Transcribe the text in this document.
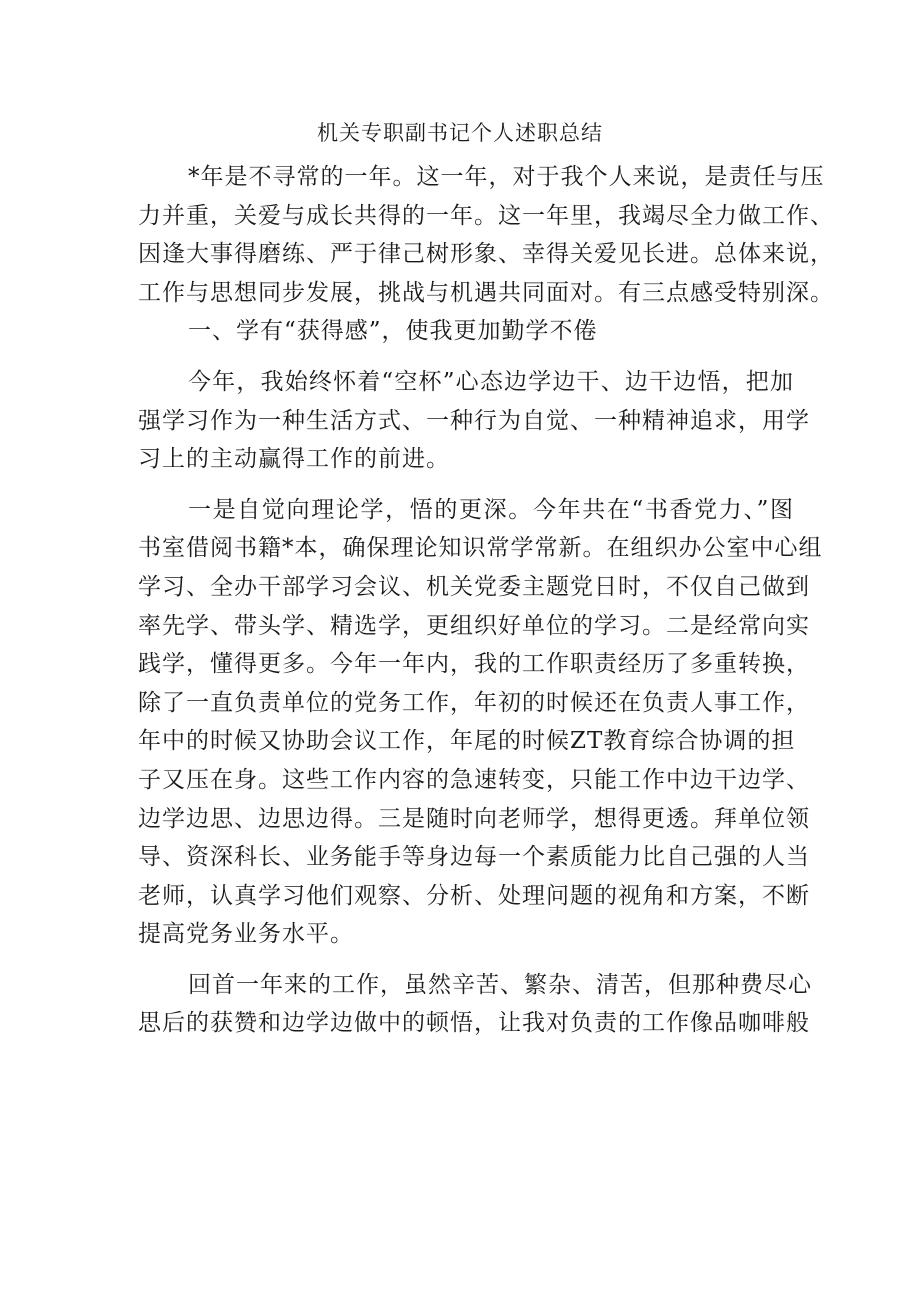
机关专职副书记个人述职总结
*年是不寻常的一年。这一年，对于我个人来说，是责任与压
力并重，关爱与成长共得的一年。这一年里，我竭尽全力做工作、
因逢大事得磨练、严于律己树形象、幸得关爱见长进。总体来说，
工作与思想同步发展，挑战与机遇共同面对。有三点感受特别深。
一、学有“获得感”，使我更加勤学不倦
今年，我始终怀着“空杯”心态边学边干、边干边悟，把加
强学习作为一种生活方式、一种行为自觉、一种精神追求，用学
习上的主动赢得工作的前进。
一是自觉向理论学，悟的更深。今年共在“书香党力、”图
书室借阅书籍*本，确保理论知识常学常新。在组织办公室中心组
学习、全办干部学习会议、机关党委主题党日时，不仅自己做到
率先学、带头学、精选学，更组织好单位的学习。二是经常向实
践学，懂得更多。今年一年内，我的工作职责经历了多重转换，
除了一直负责单位的党务工作，年初的时候还在负责人事工作，
年中的时候又协助会议工作，年尾的时候ZT教育综合协调的担
子又压在身。这些工作内容的急速转变，只能工作中边干边学、
边学边思、边思边得。三是随时向老师学，想得更透。拜单位领
导、资深科长、业务能手等身边每一个素质能力比自己强的人当
老师，认真学习他们观察、分析、处理问题的视角和方案，不断
提高党务业务水平。
回首一年来的工作，虽然辛苦、繁杂、清苦，但那种费尽心
思后的获赞和边学边做中的顿悟，让我对负责的工作像品咖啡般
